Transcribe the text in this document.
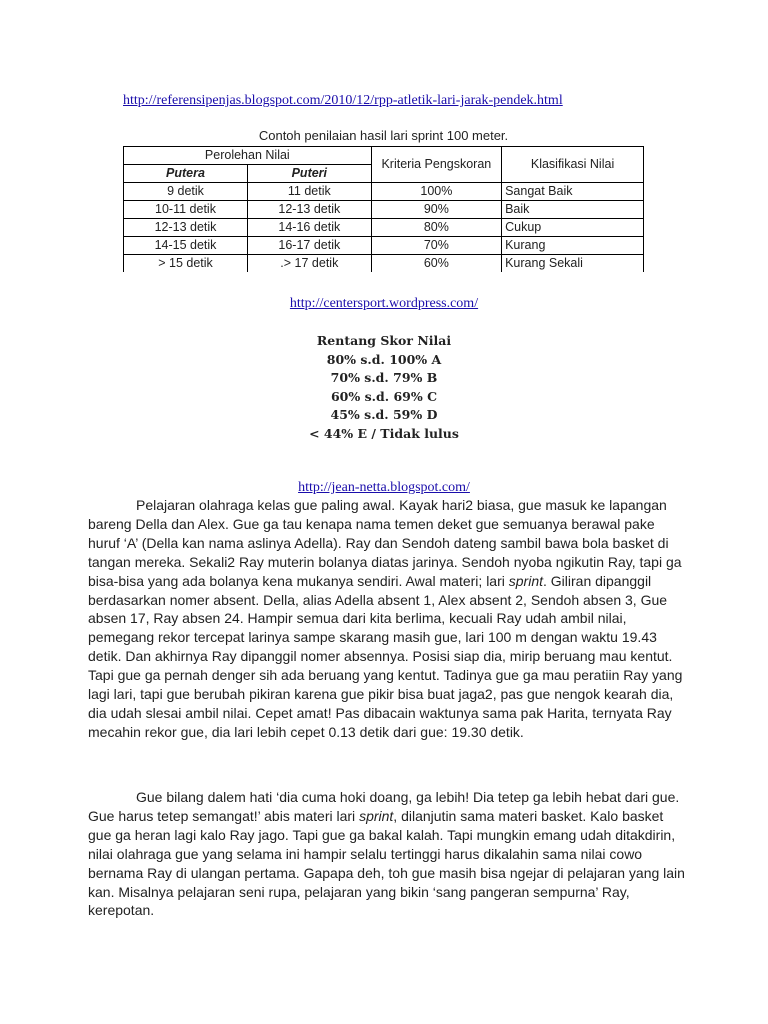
http://referensipenjas.blogspot.com/2010/12/rpp-atletik-lari-jarak-pendek.html
Contoh penilaian hasil lari sprint 100 meter.
Perolehan Nilai		Kriteria Pengskoran	Klasifikasi Nilai
Putera	Puteri		
9 detik	11 detik	100%	Sangat Baik
10-11 detik	12-13 detik	90%	Baik
12-13 detik	14-16 detik	80%	Cukup
14-15 detik	16-17 detik	70%	Kurang
> 15 detik	.> 17 detik	60%	Kurang Sekali
http://centersport.wordpress.com/
Rentang Skor Nilai
80% s.d. 100% A
70% s.d. 79% B
60% s.d. 69% C
45% s.d. 59% D
< 44% E / Tidak lulus
http://jean-netta.blogspot.com/

Pelajaran olahraga kelas gue paling awal. Kayak hari2 biasa, gue masuk ke lapangan bareng Della dan Alex. Gue ga tau kenapa nama temen deket gue semuanya berawal pake huruf ‘A’ (Della kan nama aslinya Adella). Ray dan Sendoh dateng sambil bawa bola basket di tangan mereka. Sekali2 Ray muterin bolanya diatas jarinya. Sendoh nyoba ngikutin Ray, tapi ga bisa-bisa yang ada bolanya kena mukanya sendiri. Awal materi; lari sprint. Giliran dipanggil berdasarkan nomer absent. Della, alias Adella absent 1, Alex absent 2, Sendoh absen 3, Gue absen 17, Ray absen 24. Hampir semua dari kita berlima, kecuali Ray udah ambil nilai, pemegang rekor tercepat larinya sampe skarang masih gue, lari 100 m dengan waktu 19.43 detik. Dan akhirnya Ray dipanggil nomer absennya. Posisi siap dia, mirip beruang mau kentut. Tapi gue ga pernah denger sih ada beruang yang kentut. Tadinya gue ga mau peratiin Ray yang lagi lari, tapi gue berubah pikiran karena gue pikir bisa buat jaga2, pas gue nengok kearah dia, dia udah slesai ambil nilai. Cepet amat! Pas dibacain waktunya sama pak Harita, ternyata Ray mecahin rekor gue, dia lari lebih cepet 0.13 detik dari gue: 19.30 detik.

Gue bilang dalem hati ‘dia cuma hoki doang, ga lebih! Dia tetep ga lebih hebat dari gue. Gue harus tetep semangat!’ abis materi lari sprint, dilanjutin sama materi basket. Kalo basket gue ga heran lagi kalo Ray jago. Tapi gue ga bakal kalah. Tapi mungkin emang udah ditakdirin, nilai olahraga gue yang selama ini hampir selalu tertinggi harus dikalahin sama nilai cowo bernama Ray di ulangan pertama. Gapapa deh, toh gue masih bisa ngejar di pelajaran yang lain kan. Misalnya pelajaran seni rupa, pelajaran yang bikin ‘sang pangeran sempurna’ Ray, kerepotan.
